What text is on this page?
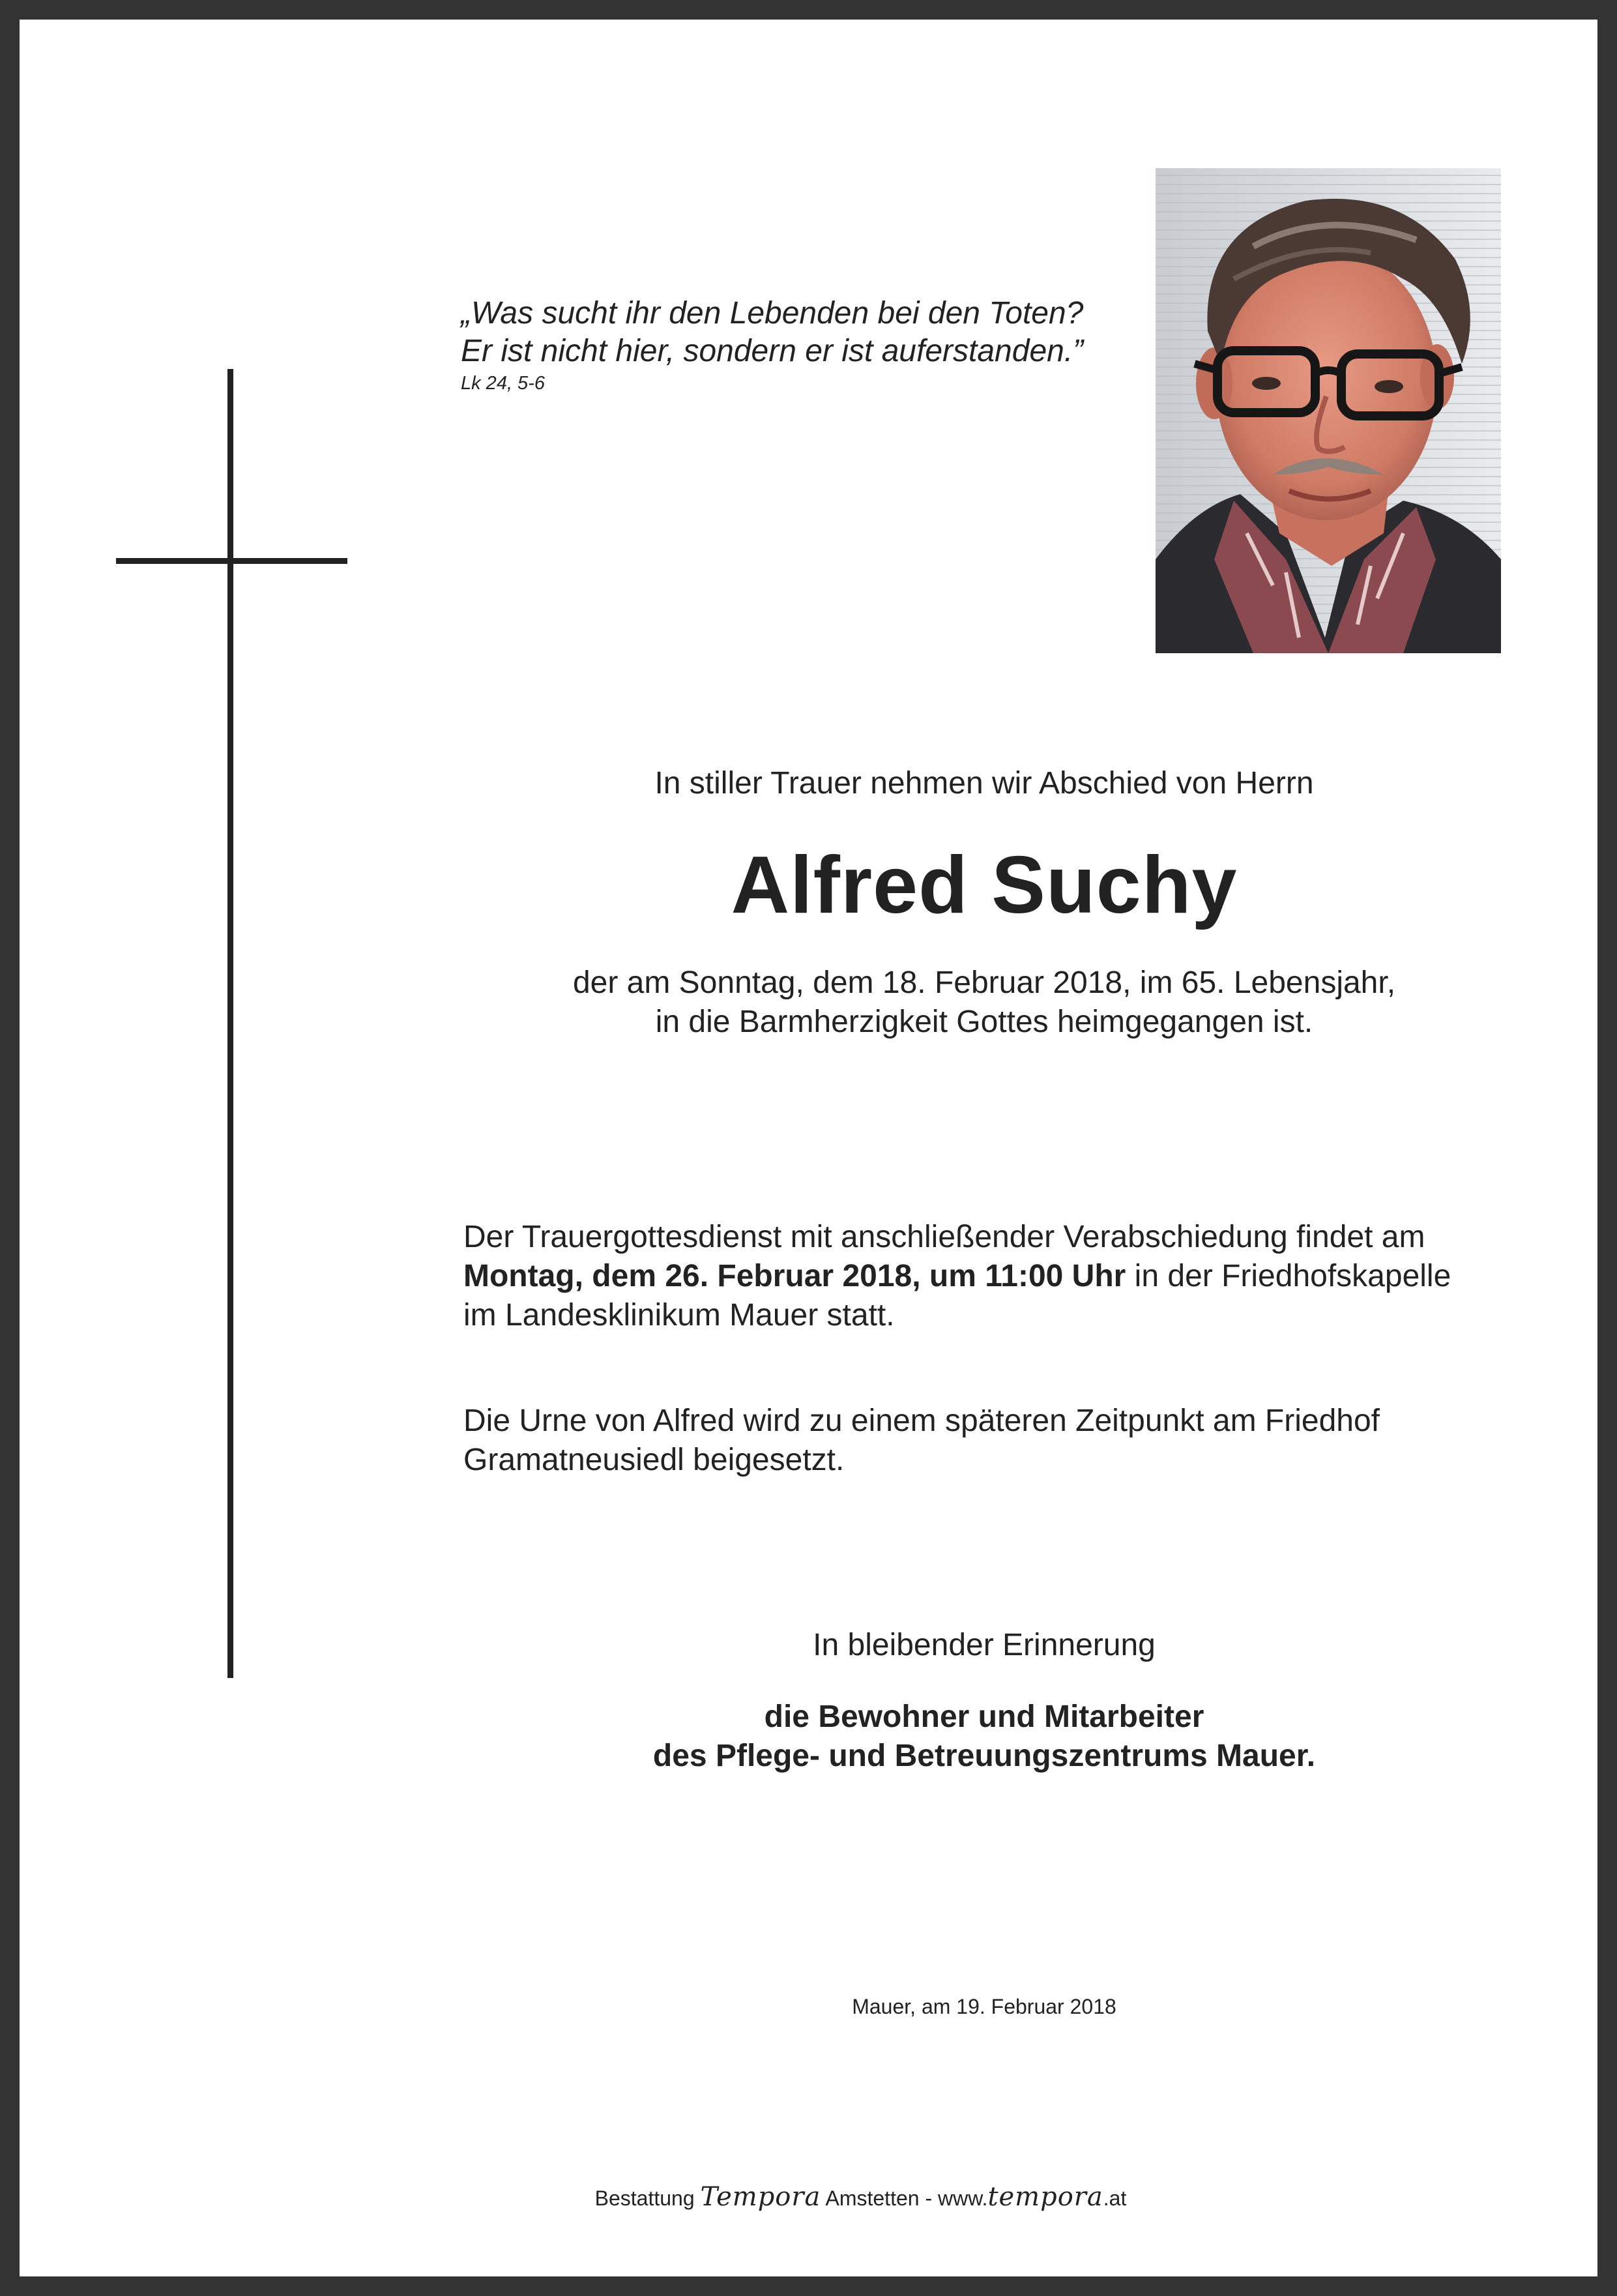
„Was sucht ihr den Lebenden bei den Toten?
Er ist nicht hier, sondern er ist auferstanden.”
Lk 24, 5-6
In stiller Trauer nehmen wir Abschied von Herrn
Alfred Suchy
der am Sonntag, dem 18. Februar 2018, im 65. Lebensjahr,
in die Barmherzigkeit Gottes heimgegangen ist.
Der Trauergottesdienst mit anschließender Verabschiedung findet am
Montag, dem 26. Februar 2018, um 11:00 Uhr in der Friedhofskapelle
im Landesklinikum Mauer statt.
Die Urne von Alfred wird zu einem späteren Zeitpunkt am Friedhof
Gramatneusiedl beigesetzt.
In bleibender Erinnerung
die Bewohner und Mitarbeiter
des Pflege- und Betreuungszentrums Mauer.
Mauer, am 19. Februar 2018
Bestattung Tempora Amstetten - www.tempora.at
